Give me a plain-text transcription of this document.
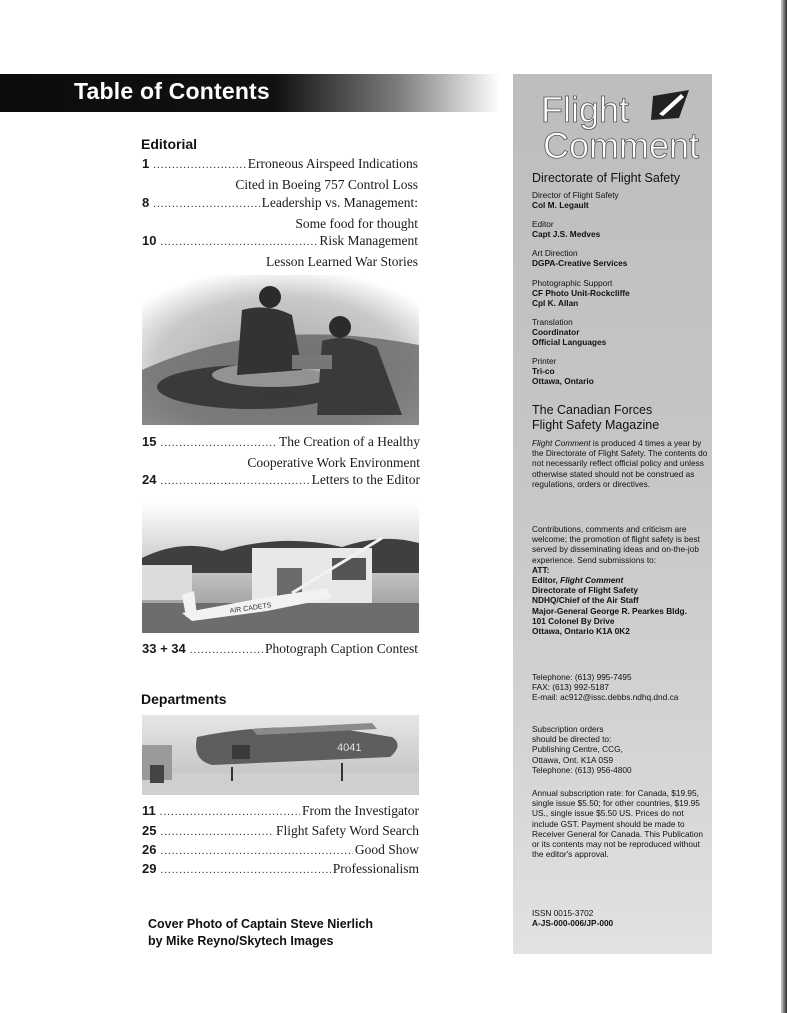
Table of Contents
Editorial
1 .....	Erroneous Airspeed Indications
Cited in Boeing 757 Control Loss
8 .....	Leadership vs. Management:
Some food for thought
10 .....	Risk Management
Lesson Learned War Stories
15 .....	The Creation of a Healthy
Cooperative Work Environment
24 .....	Letters to the Editor
AIR CADETS
33 + 34 .....	Photograph Caption Contest
Departments
4041
11 .....	From the Investigator
25 .....	Flight Safety Word Search
26 .....	Good Show
29 .....	Professionalism
Cover Photo of Captain Steve Nierlich
by Mike Reyno/Skytech Images
Flight
Comment
Directorate of Flight Safety

Director of Flight Safety

Col M. Legault

Editor

Capt J.S. Medves

Art Direction

DGPA-Creative Services

Photographic Support

CF Photo Unit-Rockcliffe

Cpl K. Allan

Translation

Coordinator

Official Languages

Printer

Tri-co

Ottawa, Ontario

The Canadian Forces
Flight Safety Magazine

Flight Comment is produced 4 times a year by the Directorate of Flight Safety. The contents do not necessarily reflect official policy and unless otherwise stated should not be construed as regulations, orders or directives.

Contributions, comments and criticism are welcome; the promotion of flight safety is best served by disseminating ideas and on-the-job experience. Send submissions to:

ATT:

Editor, Flight Comment

Directorate of Flight Safety

NDHQ/Chief of the Air Staff

Major-General George R. Pearkes Bldg.

101 Colonel By Drive

Ottawa, Ontario K1A 0K2

Telephone: (613) 995-7495

FAX: (613) 992-5187

E-mail: ac912@issc.debbs.ndhq.dnd.ca

Subscription orders

should be directed to:

Publishing Centre, CCG,

Ottawa, Ont. K1A 0S9

Telephone: (613) 956-4800

Annual subscription rate: for Canada, $19.95, single issue $5.50; for other countries, $19.95 US., single issue $5.50 US. Prices do not include GST. Payment should be made to Receiver General for Canada. This Publication or its contents may not be reproduced without the editor's approval.

ISSN 0015-3702

A-JS-000-006/JP-000
